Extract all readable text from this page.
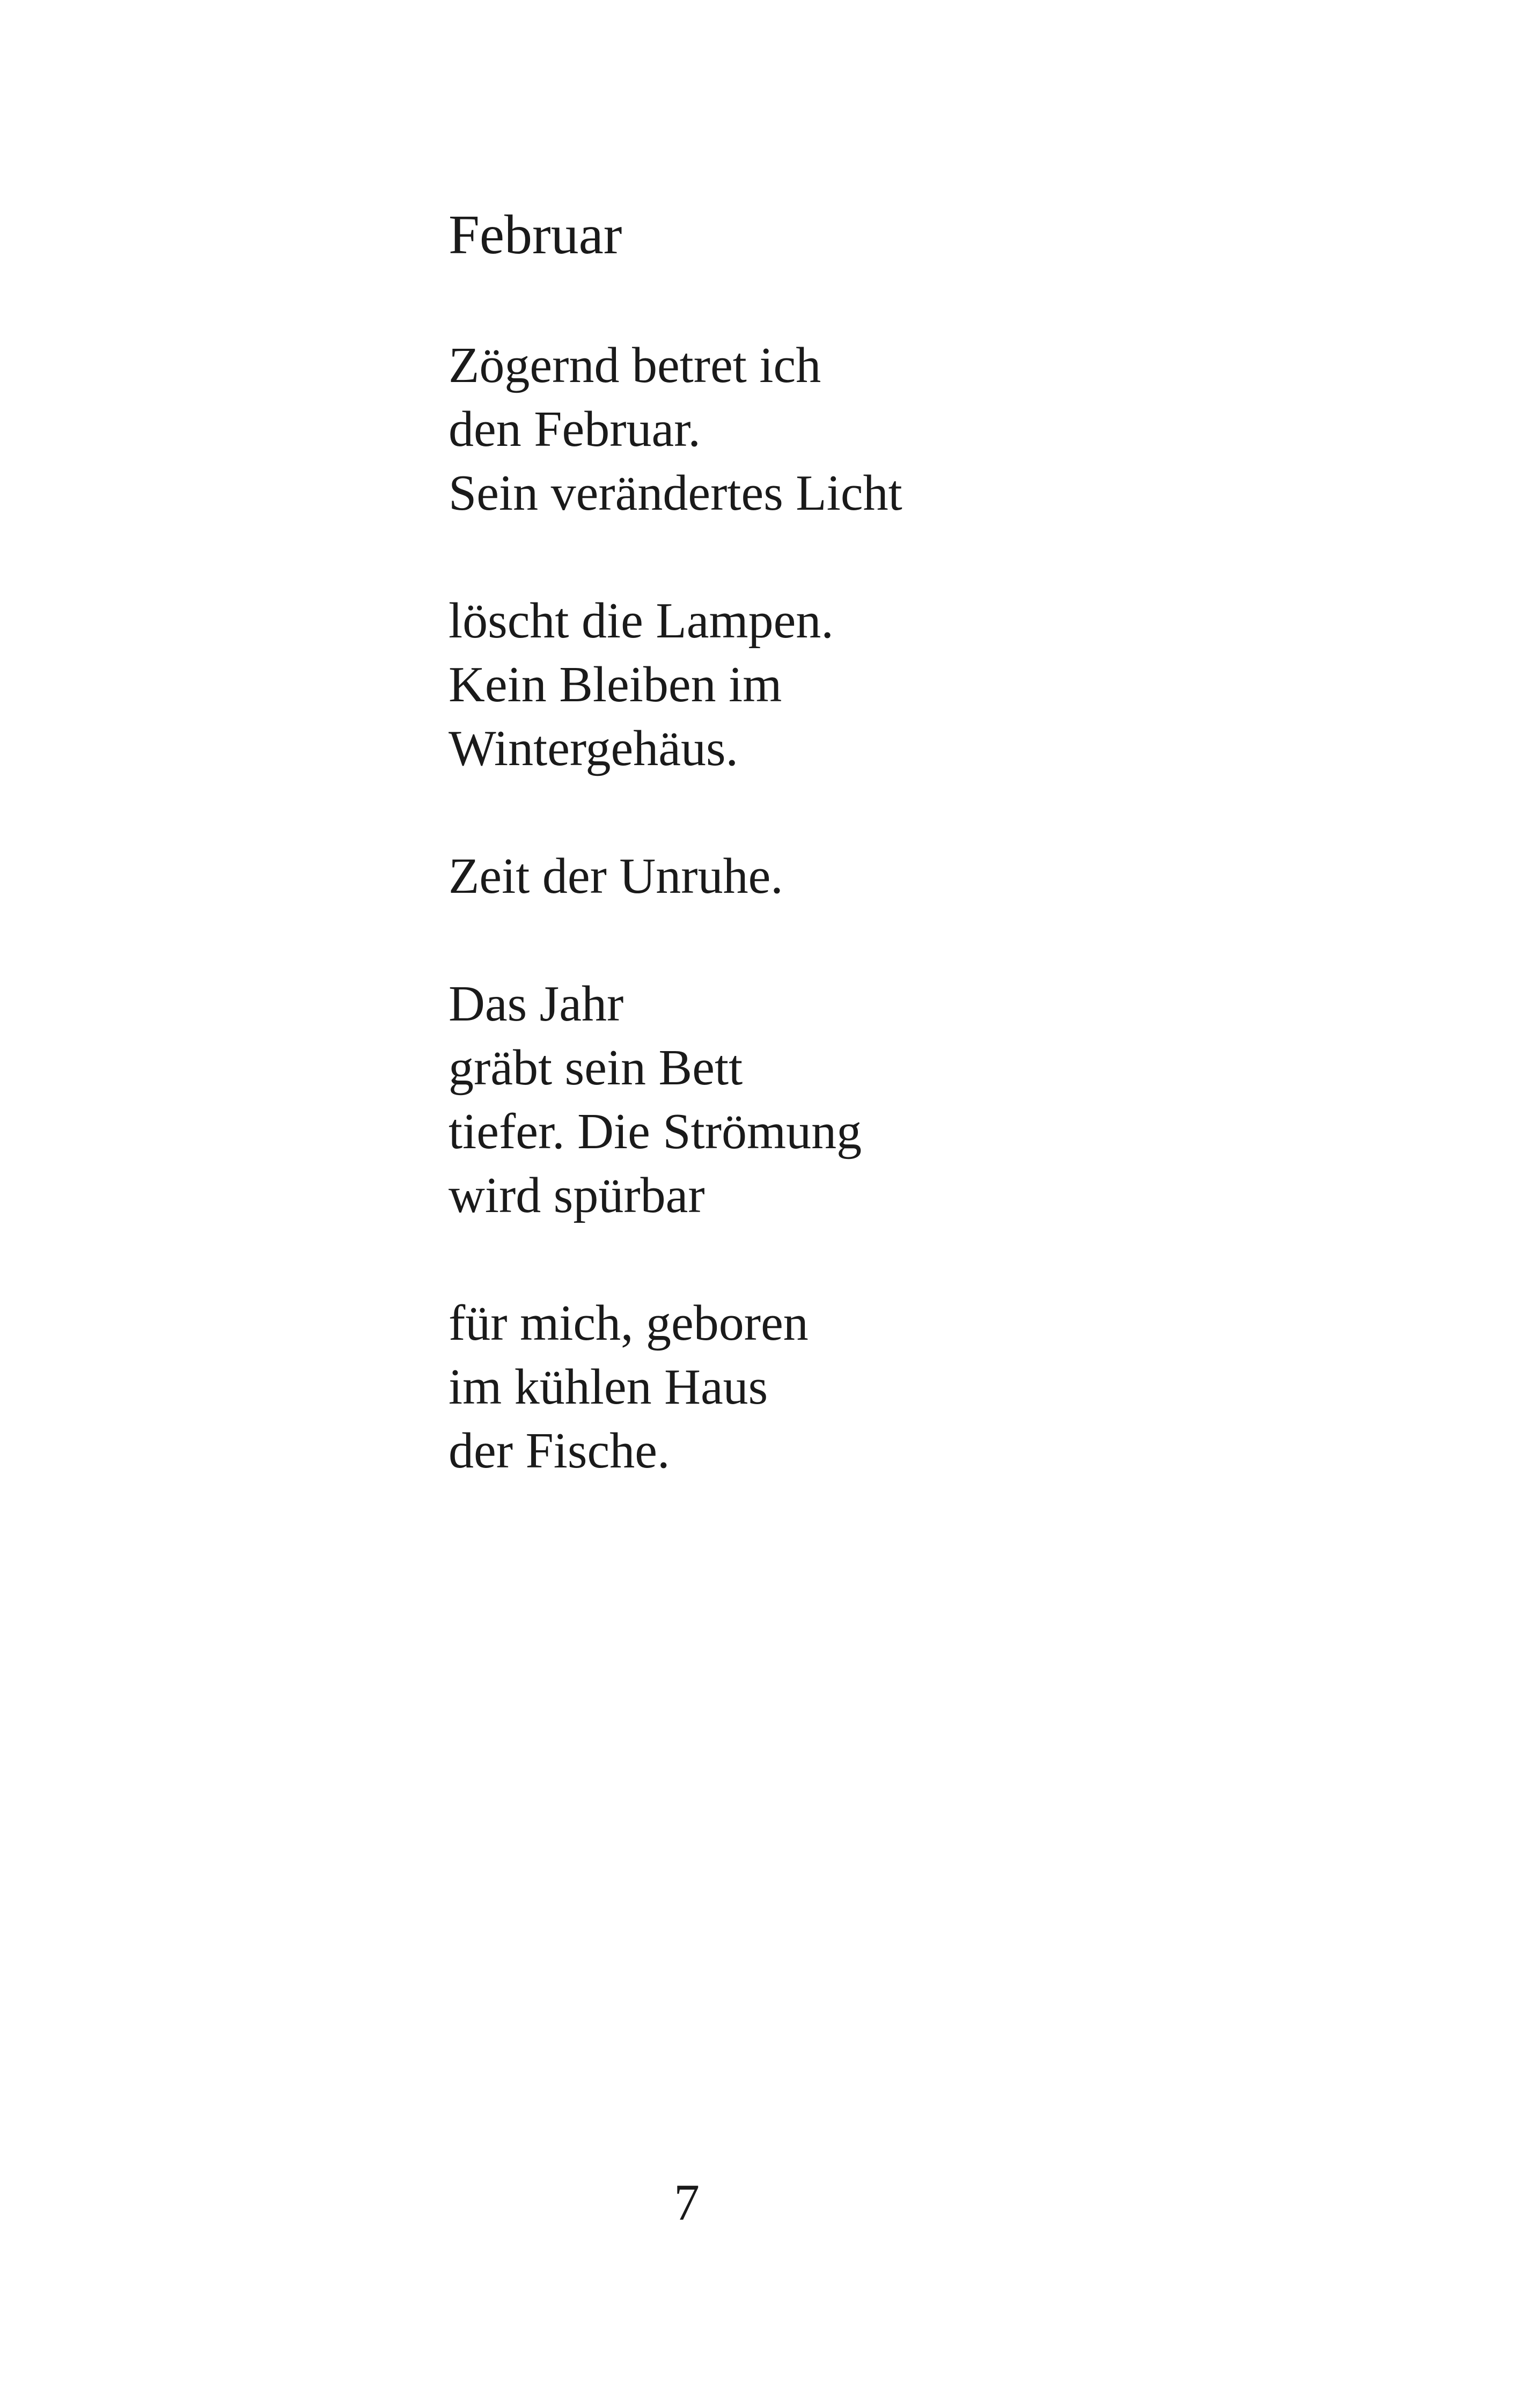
Februar

Zögernd betret ich

den Februar.

Sein verändertes Licht

löscht die Lampen.

Kein Bleiben im

Wintergehäus.

Zeit der Unruhe.

Das Jahr

gräbt sein Bett

tiefer. Die Strömung

wird spürbar

für mich, geboren

im kühlen Haus

der Fische.

7
